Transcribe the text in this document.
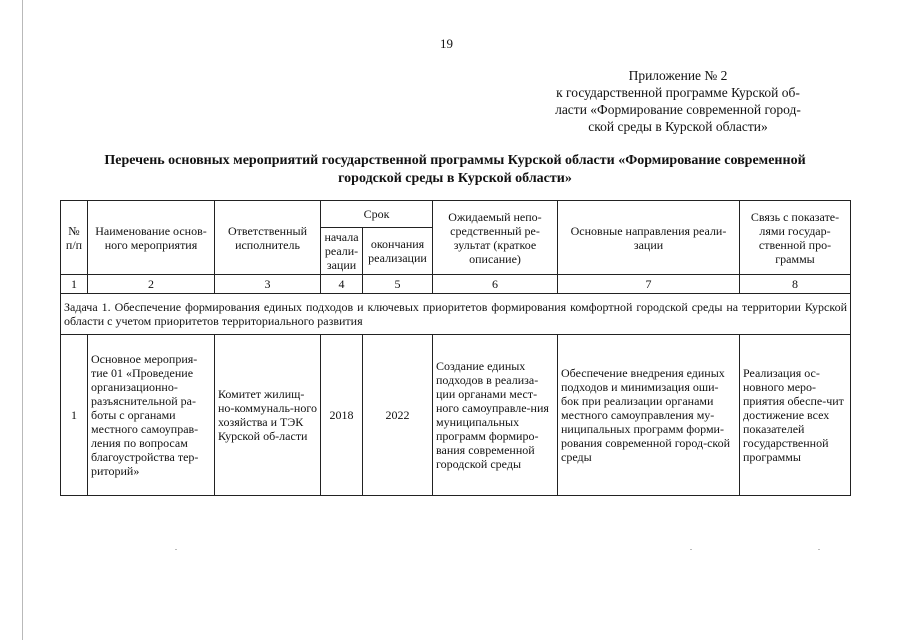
19
Приложение № 2
к государственной программе Курской об-
ласти «Формирование современной город-
ской среды в Курской области»
Перечень основных мероприятий государственной программы Курской области «Формирование современной
городской среды в Курской области»
№ п/п	Наименование основ-ного мероприятия	Ответственный исполнитель	Срок		Ожидаемый непо-средственный ре-зультат (краткое описание)	Основные направления реали-зации	Связь с показате-лями государ-ственной про-граммы
			начала реали-зации	окончания реализации			
1	2	3	4	5	6	7	8
Задача 1. Обеспечение формирования единых подходов и ключевых приоритетов формирования комфортной городской среды на территории Курской области с учетом приоритетов территориального развития							
1	Основное мероприя-тие 01 «Проведение организационно-разъяснительной ра-боты с органами местного самоуправ-ления по вопросам благоустройства тер-риторий»	Комитет жилищ-но-коммуналь-ного хозяйства и ТЭК Курской об-ласти	2018	2022	Создание единых подходов в реализа-ции органами мест-ного самоуправле-ния муниципальных программ формиро-вания современной городской среды	Обеспечение внедрения единых подходов и минимизация оши-бок при реализации органами местного самоуправления му-ниципальных программ форми-рования современной город-ской среды	Реализация ос-новного меро-приятия обеспе-чит достижение всех показателей государственной программы
